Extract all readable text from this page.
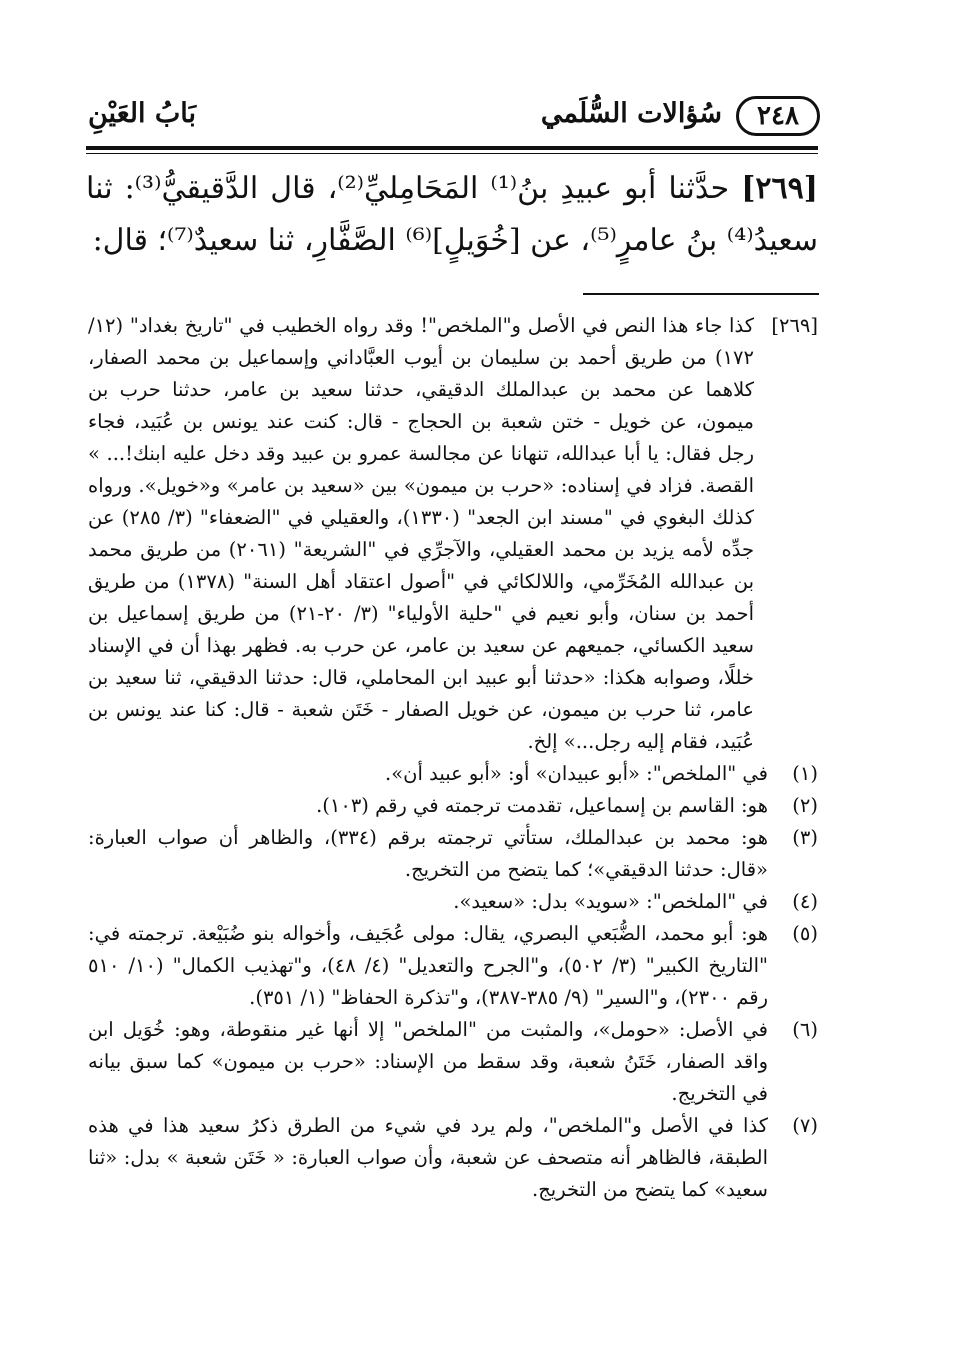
٢٤٨
سُؤالات السُّلَمي
بَابُ العَيْنِ
[٢٦٩] حدَّثنا أبو عبيدِ بنُ⁽¹⁾ المَحَامِليِّ⁽²⁾، قال الدَّقيقيُّ⁽³⁾: ثنا سعيدُ⁽⁴⁾ بنُ عامرٍ⁽⁵⁾، عن [خُوَيلٍ]⁽⁶⁾ الصَّفَّارِ، ثنا سعيدٌ⁽⁷⁾؛ قال:
[٢٦٩]
كذا جاء هذا النص في الأصل و"الملخص"! وقد رواه الخطيب في "تاريخ بغداد" (١٢/ ١٧٢) من طريق أحمد بن سليمان بن أيوب العبَّاداني وإسماعيل بن محمد الصفار، كلاهما عن محمد بن عبدالملك الدقيقي، حدثنا سعيد بن عامر، حدثنا حرب بن ميمون، عن خويل - ختن شعبة بن الحجاج - قال: كنت عند يونس بن عُبَيد، فجاء رجل فقال: يا أبا عبدالله، تنهانا عن مجالسة عمرو بن عبيد وقد دخل عليه ابنك!... » القصة. فزاد في إسناده: «حرب بن ميمون» بين «سعيد بن عامر» و«خويل». ورواه كذلك البغوي في "مسند ابن الجعد" (١٣٣٠)، والعقيلي في "الضعفاء" (٣/ ٢٨٥) عن جدِّه لأمه يزيد بن محمد العقيلي، والآجرِّي في "الشريعة" (٢٠٦١) من طريق محمد بن عبدالله المُخَرِّمي، واللالكائي في "أصول اعتقاد أهل السنة" (١٣٧٨) من طريق أحمد بن سنان، وأبو نعيم في "حلية الأولياء" (٣/ ٢٠-٢١) من طريق إسماعيل بن سعيد الكسائي، جميعهم عن سعيد بن عامر، عن حرب به. فظهر بهذا أن في الإسناد خللًا، وصوابه هكذا: «حدثنا أبو عبيد ابن المحاملي، قال: حدثنا الدقيقي، ثنا سعيد بن عامر، ثنا حرب بن ميمون، عن خويل الصفار - خَتَن شعبة - قال: كنا عند يونس بن عُبَيد، فقام إليه رجل...» إلخ.
(١)
في "الملخص": «أبو عبيدان» أو: «أبو عبيد أن».
(٢)
هو: القاسم بن إسماعيل، تقدمت ترجمته في رقم (١٠٣).
(٣)
هو: محمد بن عبدالملك، ستأتي ترجمته برقم (٣٣٤)، والظاهر أن صواب العبارة: «قال: حدثنا الدقيقي»؛ كما يتضح من التخريج.
(٤)
في "الملخص": «سويد» بدل: «سعيد».
(٥)
هو: أبو محمد، الضُّبَعي البصري، يقال: مولى عُجَيف، وأخواله بنو ضُبَيْعة. ترجمته في: "التاريخ الكبير" (٣/ ٥٠٢)، و"الجرح والتعديل" (٤/ ٤٨)، و"تهذيب الكمال" (١٠/ ٥١٠ رقم ٢٣٠٠)، و"السير" (٩/ ٣٨٥-٣٨٧)، و"تذكرة الحفاظ" (١/ ٣٥١).
(٦)
في الأصل: «حومل»، والمثبت من "الملخص" إلا أنها غير منقوطة، وهو: خُوَيل ابن واقد الصفار، خَتَنُ شعبة، وقد سقط من الإسناد: «حرب بن ميمون» كما سبق بيانه في التخريج.
(٧)
كذا في الأصل و"الملخص"، ولم يرد في شيء من الطرق ذكرُ سعيد هذا في هذه الطبقة، فالظاهر أنه متصحف عن شعبة، وأن صواب العبارة: « خَتَن شعبة » بدل: «ثنا سعيد» كما يتضح من التخريج.
